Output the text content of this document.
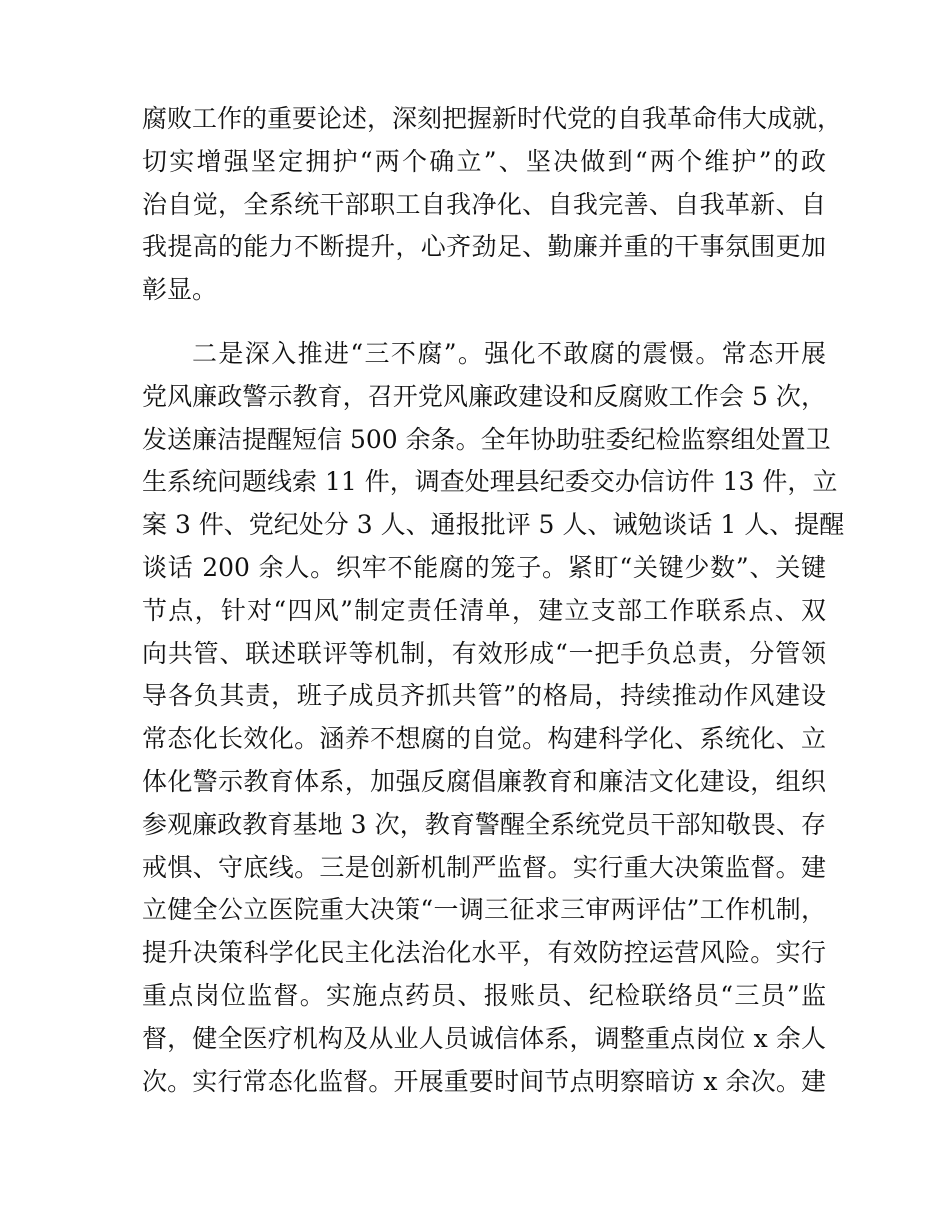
腐败工作的重要论述，深刻把握新时代党的自我革命伟大成就，
切实增强坚定拥护“两个确立”、坚决做到“两个维护”的政
治自觉，全系统干部职工自我净化、自我完善、自我革新、自
我提高的能力不断提升，心齐劲足、勤廉并重的干事氛围更加
彰显。
二是深入推进“三不腐”。强化不敢腐的震慑。常态开展
党风廉政警示教育，召开党风廉政建设和反腐败工作会 5 次，
发送廉洁提醒短信 500 余条。全年协助驻委纪检监察组处置卫
生系统问题线索 11 件，调查处理县纪委交办信访件 13 件，立
案 3 件、党纪处分 3 人、通报批评 5 人、诫勉谈话 1 人、提醒
谈话 200 余人。织牢不能腐的笼子。紧盯“关键少数”、关键
节点，针对“四风”制定责任清单，建立支部工作联系点、双
向共管、联述联评等机制，有效形成“一把手负总责，分管领
导各负其责，班子成员齐抓共管”的格局，持续推动作风建设
常态化长效化。涵养不想腐的自觉。构建科学化、系统化、立
体化警示教育体系，加强反腐倡廉教育和廉洁文化建设，组织
参观廉政教育基地 3 次，教育警醒全系统党员干部知敬畏、存
戒惧、守底线。三是创新机制严监督。实行重大决策监督。建
立健全公立医院重大决策“一调三征求三审两评估”工作机制，
提升决策科学化民主化法治化水平，有效防控运营风险。实行
重点岗位监督。实施点药员、报账员、纪检联络员“三员”监
督，健全医疗机构及从业人员诚信体系，调整重点岗位 x 余人
次。实行常态化监督。开展重要时间节点明察暗访 x 余次。建
